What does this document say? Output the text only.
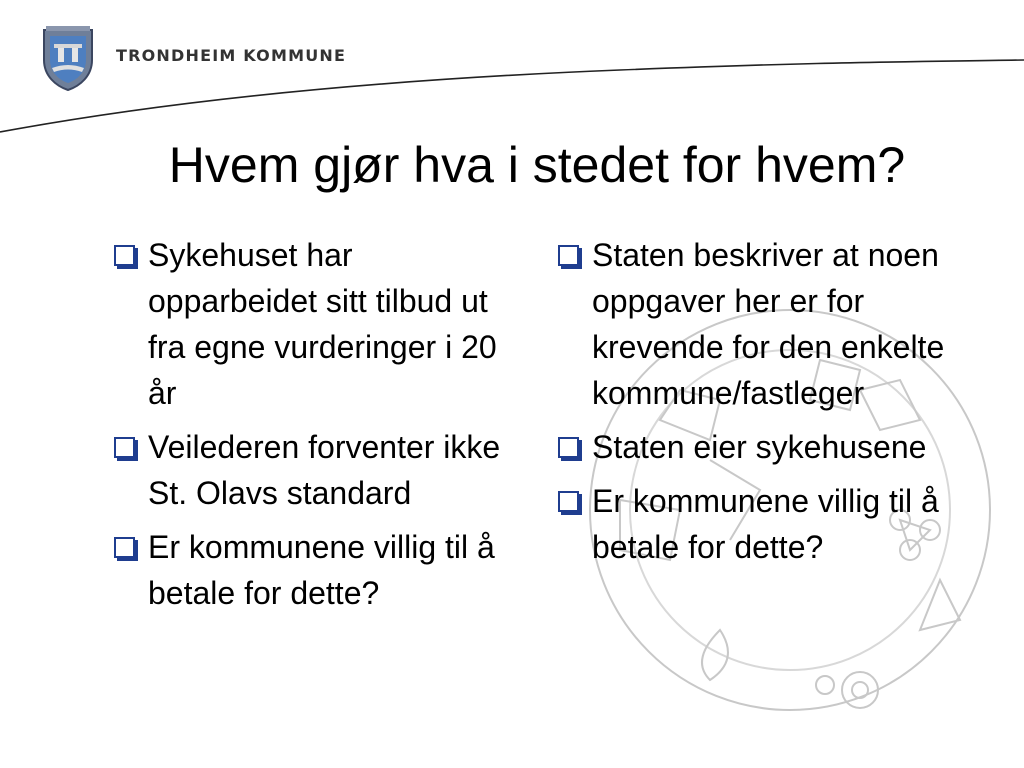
TRONDHEIM KOMMUNE
Hvem gjør hva i stedet for hvem?
Sykehuset har opparbeidet sitt tilbud ut fra egne vurderinger i 20 år
Veilederen forventer ikke St. Olavs standard
Er kommunene villig til å betale for dette?
Staten beskriver at noen oppgaver her er for krevende for den enkelte kommune/fastleger
Staten eier sykehusene
Er kommunene villig til å betale for dette?
